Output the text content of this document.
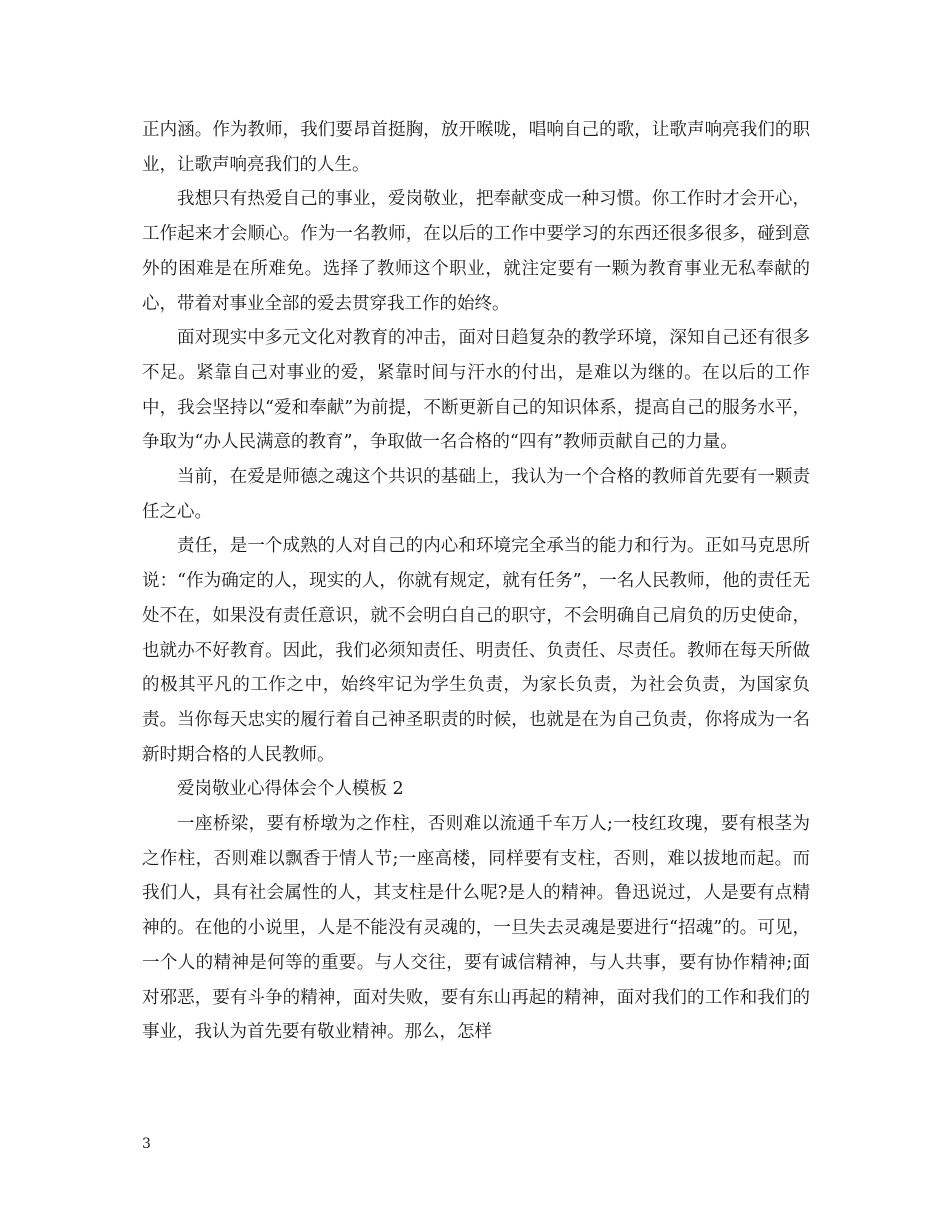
正内涵。作为教师，我们要昂首挺胸，放开喉咙，唱响自己的歌，让歌声响亮我们的职业，让歌声响亮我们的人生。

我想只有热爱自己的事业，爱岗敬业，把奉献变成一种习惯。你工作时才会开心，工作起来才会顺心。作为一名教师，在以后的工作中要学习的东西还很多很多，碰到意外的困难是在所难免。选择了教师这个职业，就注定要有一颗为教育事业无私奉献的心，带着对事业全部的爱去贯穿我工作的始终。

面对现实中多元文化对教育的冲击，面对日趋复杂的教学环境，深知自己还有很多不足。紧靠自己对事业的爱，紧靠时间与汗水的付出，是难以为继的。在以后的工作中，我会坚持以“爱和奉献”为前提，不断更新自己的知识体系，提高自己的服务水平，争取为“办人民满意的教育”，争取做一名合格的“四有”教师贡献自己的力量。

当前，在爱是师德之魂这个共识的基础上，我认为一个合格的教师首先要有一颗责任之心。

责任，是一个成熟的人对自己的内心和环境完全承当的能力和行为。正如马克思所说：“作为确定的人，现实的人，你就有规定，就有任务”，一名人民教师，他的责任无处不在，如果没有责任意识，就不会明白自己的职守，不会明确自己肩负的历史使命，也就办不好教育。因此，我们必须知责任、明责任、负责任、尽责任。教师在每天所做的极其平凡的工作之中，始终牢记为学生负责，为家长负责，为社会负责，为国家负责。当你每天忠实的履行着自己神圣职责的时候，也就是在为自己负责，你将成为一名新时期合格的人民教师。

爱岗敬业心得体会个人模板 2

一座桥梁，要有桥墩为之作柱，否则难以流通千车万人;一枝红玫瑰，要有根茎为之作柱，否则难以飘香于情人节;一座高楼，同样要有支柱，否则，难以拔地而起。而我们人，具有社会属性的人，其支柱是什么呢?是人的精神。鲁迅说过，人是要有点精神的。在他的小说里，人是不能没有灵魂的，一旦失去灵魂是要进行“招魂”的。可见，一个人的精神是何等的重要。与人交往，要有诚信精神，与人共事，要有协作精神;面对邪恶，要有斗争的精神，面对失败，要有东山再起的精神，面对我们的工作和我们的事业，我认为首先要有敬业精神。那么，怎样

3
